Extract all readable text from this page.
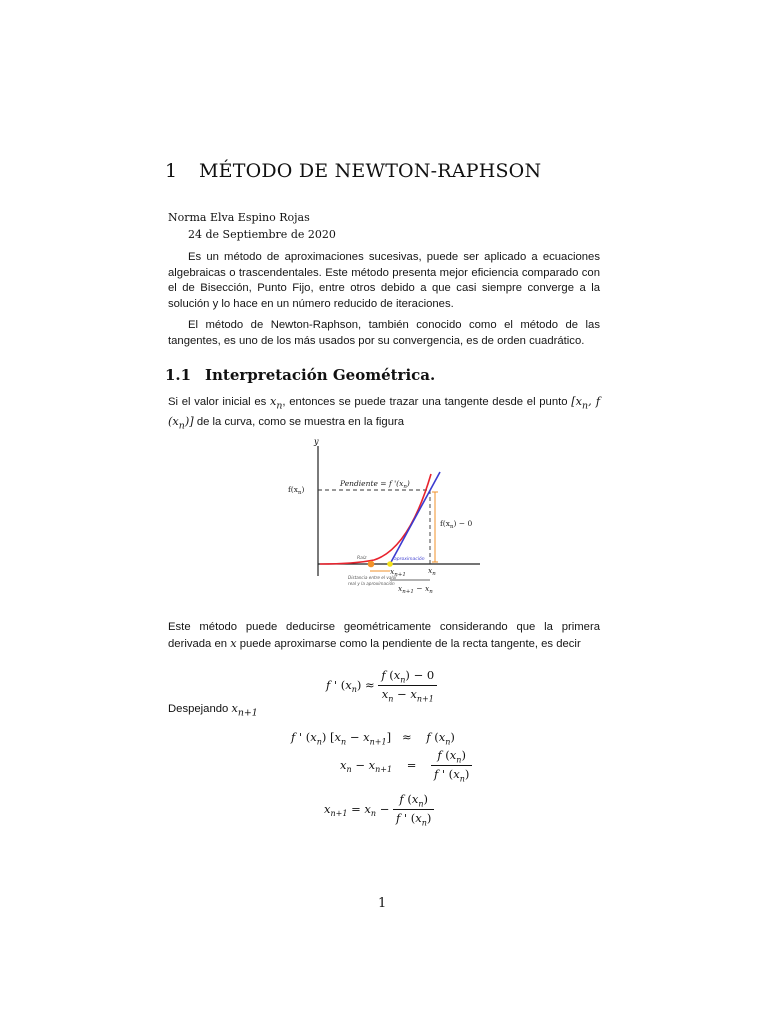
1 MÉTODO DE NEWTON-RAPHSON
Norma Elva Espino Rojas
24 de Septiembre de 2020

Es un método de aproximaciones sucesivas, puede ser aplicado a ecuaciones algebraicas o trascendentales. Este método presenta mejor eficiencia comparado con el de Bisección, Punto Fijo, entre otros debido a que casi siempre converge a la solución y lo hace en un número reducido de iteraciones.

El método de Newton-Raphson, también conocido como el método de las tangentes, es uno de los más usados por su convergencia, es de orden cuadrático.

1.1 Interpretación Geométrica.

Si el valor inicial es $x_n$, entonces se puede trazar una tangente desde el punto [$x_n$, f $(x_n)$] de la curva, como se muestra en la figura

y
$f(x_n)$
Pendiente = f '$(x_n)$
$f(x_n) - 0$
Raíz	aproximación
$x_n$
$x_{n+1}$
Distancia entre el valor
real y la aproximación
$x_{n+1} - x_n$

Este método puede deducirse geométricamente considerando que la primera derivada en x puede aproximarse como la pendiente de la recta tangente, es decir

f ' $(x_n) \approx \frac{f (x_n) - 0}{x_n - x_{n+1}}$

Despejando $x_{n+1}$

f ' $(x_n) [x_n - x_{n+1}] \approx f$ $(x_n)$
$x_n - x_{n+1} = \frac{f (x_n)}{f ' (x_n)}$
$x_{n+1} = x_n - \frac{f (x_n)}{f ' (x_n)}$
1
